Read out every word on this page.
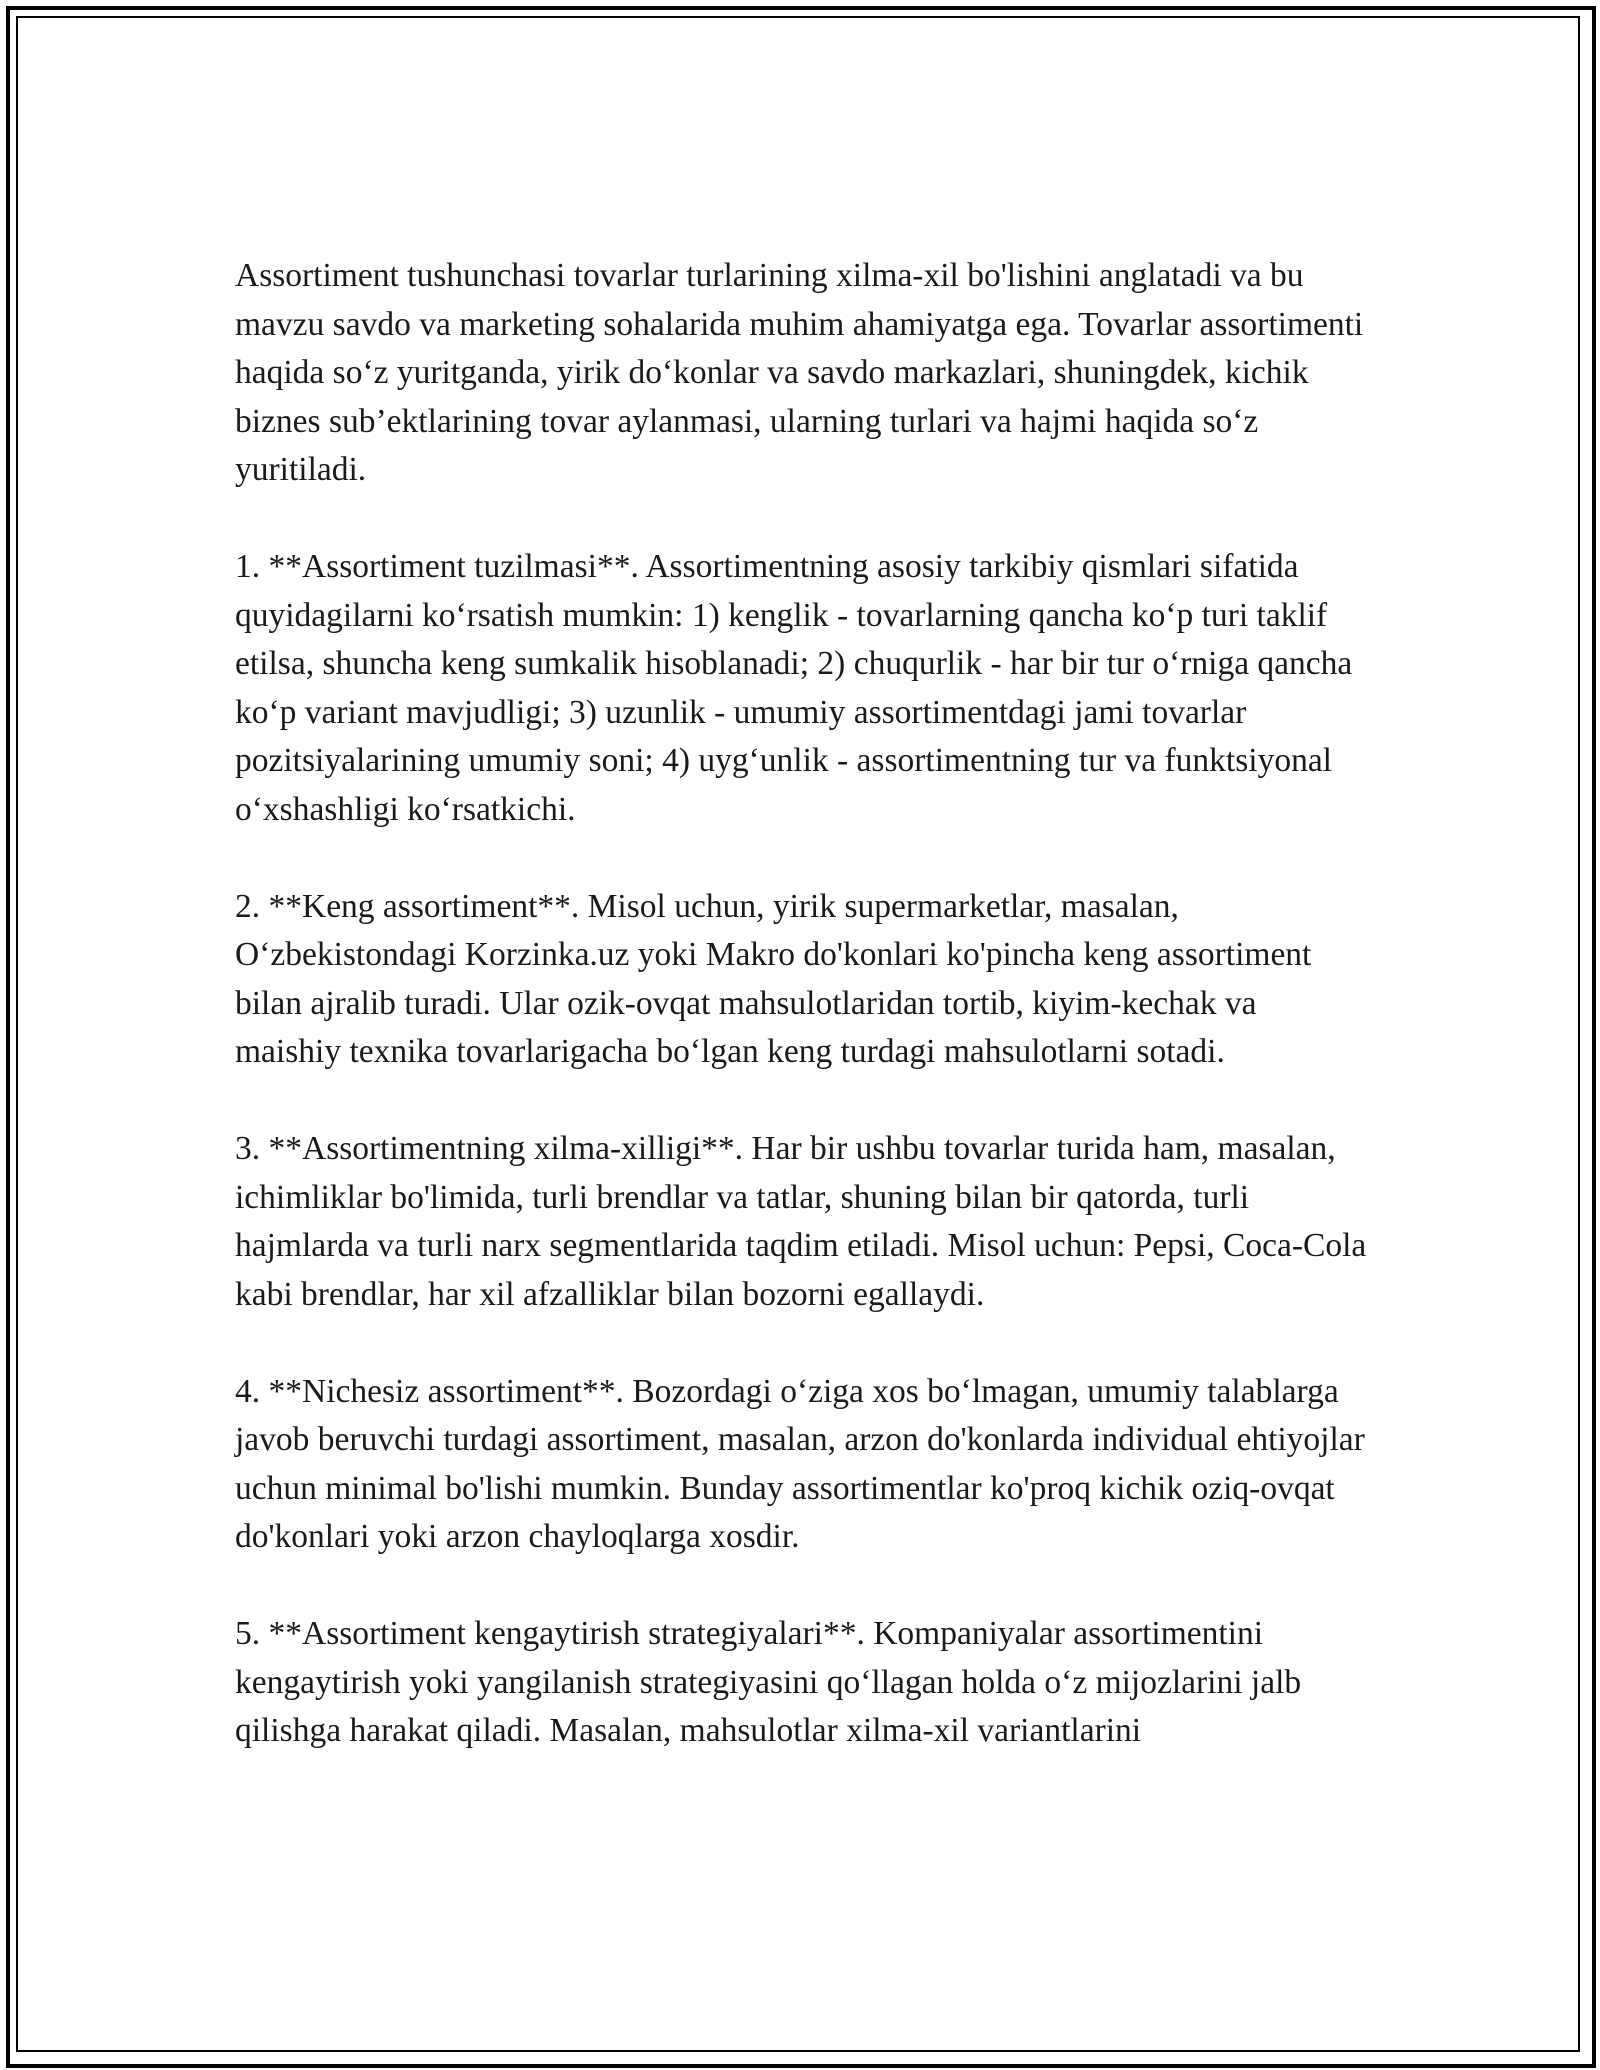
Assortiment tushunchasi tovarlar turlarining xilma-xil bo'lishini anglatadi va bu mavzu savdo va marketing sohalarida muhim ahamiyatga ega. Tovarlar assortimenti haqida soʻz yuritganda, yirik doʻkonlar va savdo markazlari, shuningdek, kichik biznes sub’ektlarining tovar aylanmasi, ularning turlari va hajmi haqida soʻz yuritiladi.

1. **Assortiment tuzilmasi**. Assortimentning asosiy tarkibiy qismlari sifatida quyidagilarni koʻrsatish mumkin: 1) kenglik - tovarlarning qancha koʻp turi taklif etilsa, shuncha keng sumkalik hisoblanadi; 2) chuqurlik - har bir tur oʻrniga qancha koʻp variant mavjudligi; 3) uzunlik - umumiy assortimentdagi jami tovarlar pozitsiyalarining umumiy soni; 4) uygʻunlik - assortimentning tur va funktsiyonal oʻxshashligi koʻrsatkichi.

2. **Keng assortiment**. Misol uchun, yirik supermarketlar, masalan, Oʻzbekistondagi Korzinka.uz yoki Makro do'konlari ko'pincha keng assortiment bilan ajralib turadi. Ular ozik-ovqat mahsulotlaridan tortib, kiyim-kechak va maishiy texnika tovarlarigacha boʻlgan keng turdagi mahsulotlarni sotadi.

3. **Assortimentning xilma-xilligi**. Har bir ushbu tovarlar turida ham, masalan, ichimliklar bo'limida, turli brendlar va tatlar, shuning bilan bir qatorda, turli hajmlarda va turli narx segmentlarida taqdim etiladi. Misol uchun: Pepsi, Coca-Cola kabi brendlar, har xil afzalliklar bilan bozorni egallaydi.

4. **Nichesiz assortiment**. Bozordagi oʻziga xos boʻlmagan, umumiy talablarga javob beruvchi turdagi assortiment, masalan, arzon do'konlarda individual ehtiyojlar uchun minimal bo'lishi mumkin. Bunday assortimentlar ko'proq kichik oziq-ovqat do'konlari yoki arzon chayloqlarga xosdir.

5. **Assortiment kengaytirish strategiyalari**. Kompaniyalar assortimentini kengaytirish yoki yangilanish strategiyasini qoʻllagan holda oʻz mijozlarini jalb qilishga harakat qiladi. Masalan, mahsulotlar xilma-xil variantlarini
